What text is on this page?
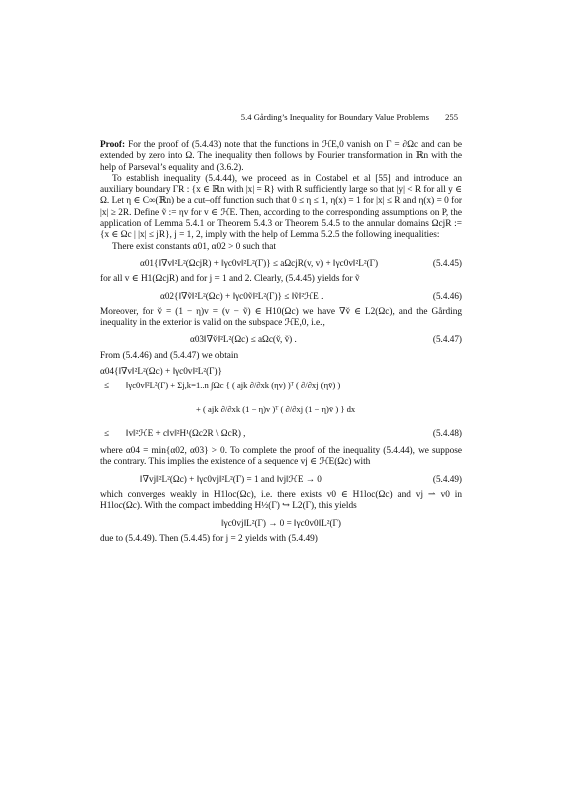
5.4 Gårding’s Inequality for Boundary Value Problems 255

Proof: For the proof of (5.4.43) note that the functions in ℋE,0 vanish on Γ = ∂Ωc and can be extended by zero into Ω. The inequality then follows by Fourier transformation in ℝn with the help of Parseval’s equality and (3.6.2).

To establish inequality (5.4.44), we proceed as in Costabel et al [55] and introduce an auxiliary boundary ΓR : {x ∈ ℝn with |x| = R} with R sufficiently large so that |y| < R for all y ∈ Ω. Let η ∈ C∞(ℝn) be a cut–off function such that 0 ≤ η ≤ 1, η(x) = 1 for |x| ≤ R and η(x) = 0 for |x| ≥ 2R. Define ṽ := ηv for v ∈ ℋE. Then, according to the corresponding assumptions on P, the application of Lemma 5.4.1 or Theorem 5.4.3 or Theorem 5.4.5 to the annular domains ΩcjR := {x ∈ Ωc | |x| ≤ jR}, j = 1, 2, imply with the help of Lemma 5.2.5 the following inequalities:

There exist constants α01, α02 > 0 such that

α01{‖∇v‖²L²(ΩcjR) + ‖γc0v‖²L²(Γ)} ≤ aΩcjR(v, v) + ‖γc0v‖²L²(Γ)	(5.4.45)

for all v ∈ H1(ΩcjR) and for j = 1 and 2. Clearly, (5.4.45) yields for ṽ

α02{‖∇ṽ‖²L²(Ωc) + ‖γc0ṽ‖²L²(Γ)} ≤ ‖ṽ‖²ℋE .	(5.4.46)

Moreover, for v̆ = (1 − η)v = (v − ṽ) ∈ H10(Ωc) we have ∇v̆ ∈ L2(Ωc), and the Gårding inequality in the exterior is valid on the subspace ℋE,0, i.e.,

α03‖∇v̆‖²L²(Ωc) ≤ aΩc(v̆, v̆) .	(5.4.47)

From (5.4.46) and (5.4.47) we obtain

α04{‖∇v‖²L²(Ωc) + ‖γc0v‖²L²(Γ)}
≤	‖γc0v‖²L²(Γ) + Σj,k=1..n ∫Ωc { ( ajk ∂/∂xk (ηv) )ᵀ ( ∂/∂xj (ηv̄) )
+ ( ajk ∂/∂xk (1 − η)v )ᵀ ( ∂/∂xj (1 − η)v̄ ) } dx
≤	‖v‖²ℋE + c‖v‖²H¹(Ωc2R \ ΩcR) ,	(5.4.48)

where α04 = min{α02, α03} > 0. To complete the proof of the inequality (5.4.44), we suppose the contrary. This implies the existence of a sequence vj ∈ ℋE(Ωc) with

‖∇vj‖²L²(Ωc) + ‖γc0vj‖²L²(Γ) = 1 and ‖vj‖ℋE → 0	(5.4.49)

which converges weakly in H1loc(Ωc), i.e. there exists v0 ∈ H1loc(Ωc) and vj ⇀ v0 in H1loc(Ωc). With the compact imbedding H½(Γ) ↪ L2(Γ), this yields

‖γc0vj‖L²(Γ) → 0 = ‖γc0v0‖L²(Γ)

due to (5.4.49). Then (5.4.45) for j = 2 yields with (5.4.49)
